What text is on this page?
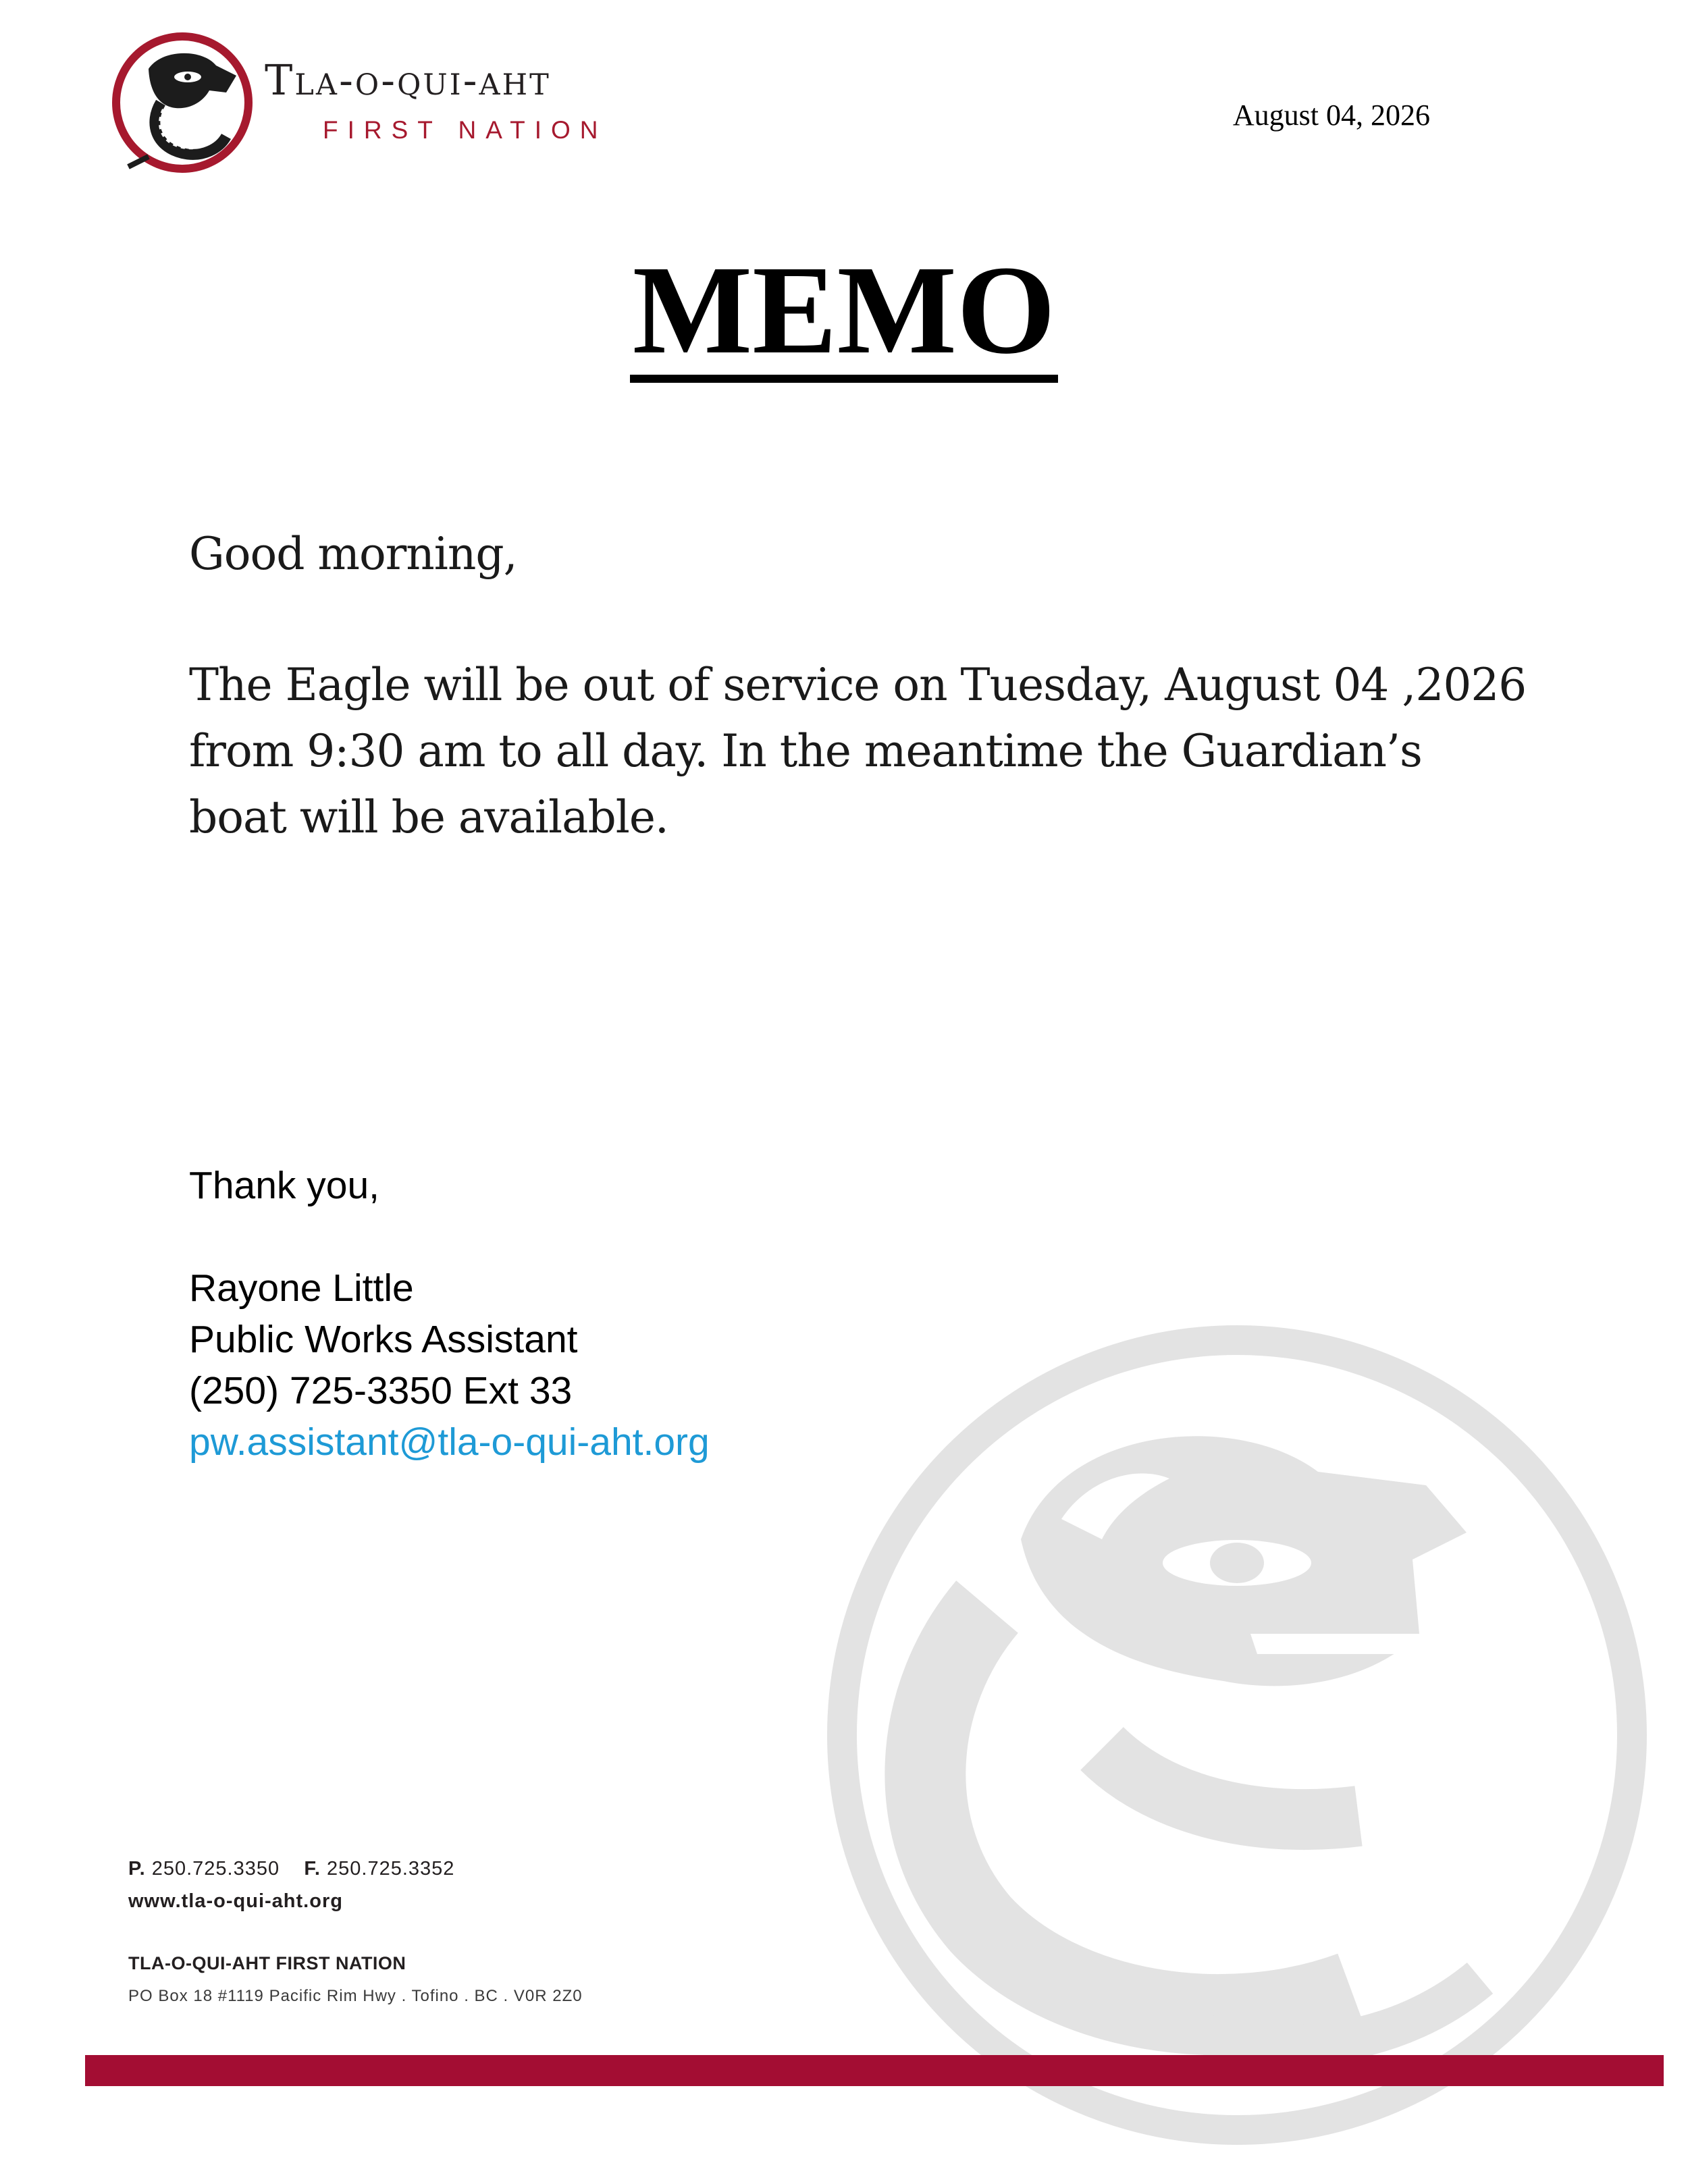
Tla-o-qui-aht
FIRST NATION	August 04, 2026
MEMO
Good morning,
The Eagle will be out of service on Tuesday, August 04 ,2026
from 9:30 am to all day. In the meantime the Guardian’s
boat will be available.
Thank you,
Rayone Little
Public Works Assistant
(250) 725-3350 Ext 33
pw.assistant@tla-o-qui-aht.org
P. 250.725.3350 F. 250.725.3352
www.tla-o-qui-aht.org
TLA-O-QUI-AHT FIRST NATION
PO Box 18 #1119 Pacific Rim Hwy . Tofino . BC . V0R 2Z0
